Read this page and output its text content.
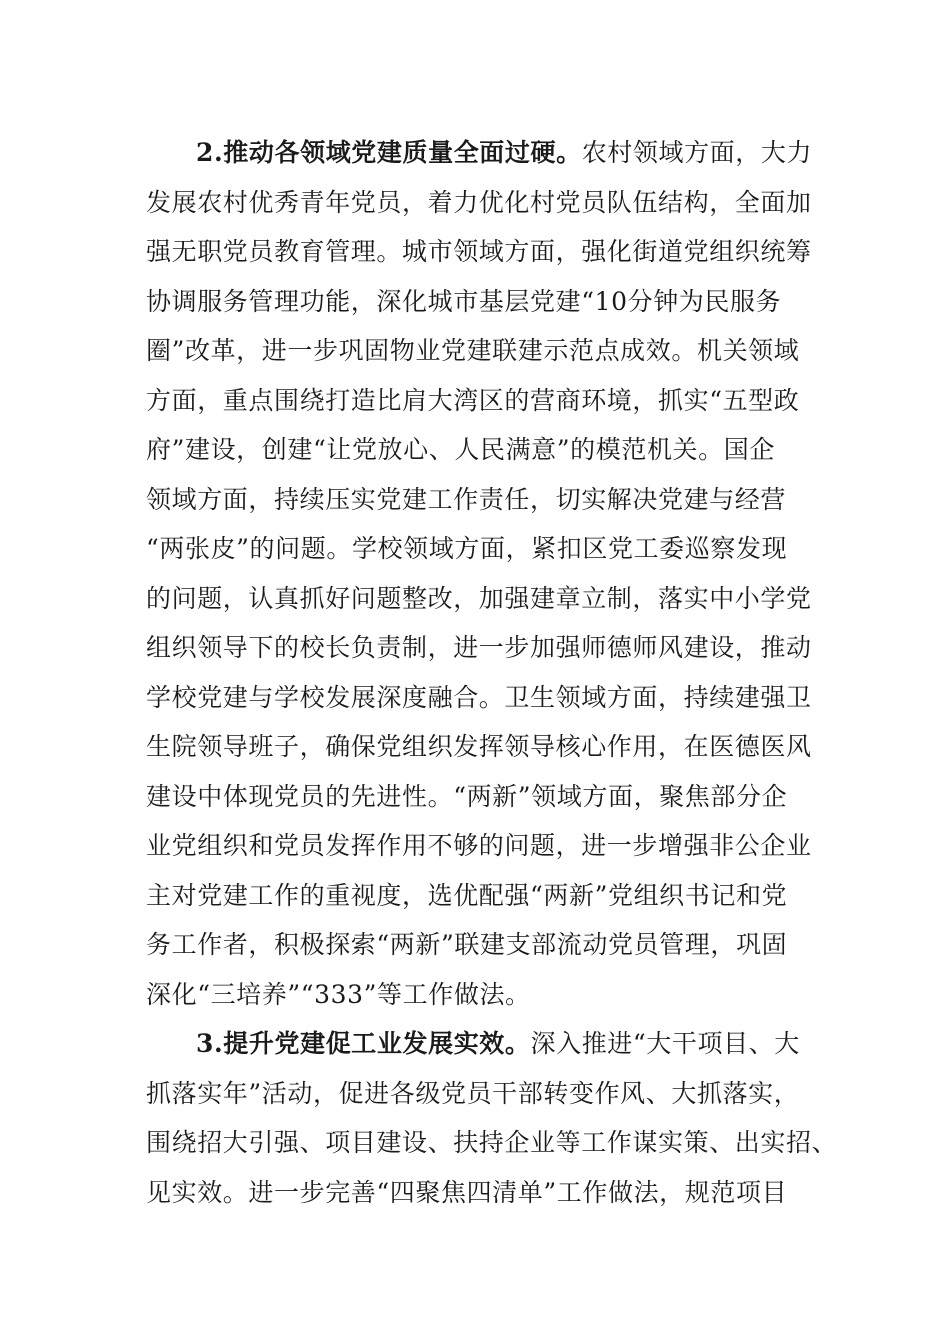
2.推动各领域党建质量全面过硬。农村领域方面，大力
发展农村优秀青年党员，着力优化村党员队伍结构，全面加
强无职党员教育管理。城市领域方面，强化街道党组织统筹
协调服务管理功能，深化城市基层党建“10分钟为民服务
圈”改革，进一步巩固物业党建联建示范点成效。机关领域
方面，重点围绕打造比肩大湾区的营商环境，抓实“五型政
府”建设，创建“让党放心、人民满意”的模范机关。国企
领域方面，持续压实党建工作责任，切实解决党建与经营
“两张皮”的问题。学校领域方面，紧扣区党工委巡察发现
的问题，认真抓好问题整改，加强建章立制，落实中小学党
组织领导下的校长负责制，进一步加强师德师风建设，推动
学校党建与学校发展深度融合。卫生领域方面，持续建强卫
生院领导班子，确保党组织发挥领导核心作用，在医德医风
建设中体现党员的先进性。“两新”领域方面，聚焦部分企
业党组织和党员发挥作用不够的问题，进一步增强非公企业
主对党建工作的重视度，选优配强“两新”党组织书记和党
务工作者，积极探索“两新”联建支部流动党员管理，巩固
深化“三培养”“333”等工作做法。
3.提升党建促工业发展实效。深入推进“大干项目、大
抓落实年”活动，促进各级党员干部转变作风、大抓落实，
围绕招大引强、项目建设、扶持企业等工作谋实策、出实招、
见实效。进一步完善“四聚焦四清单”工作做法，规范项目
